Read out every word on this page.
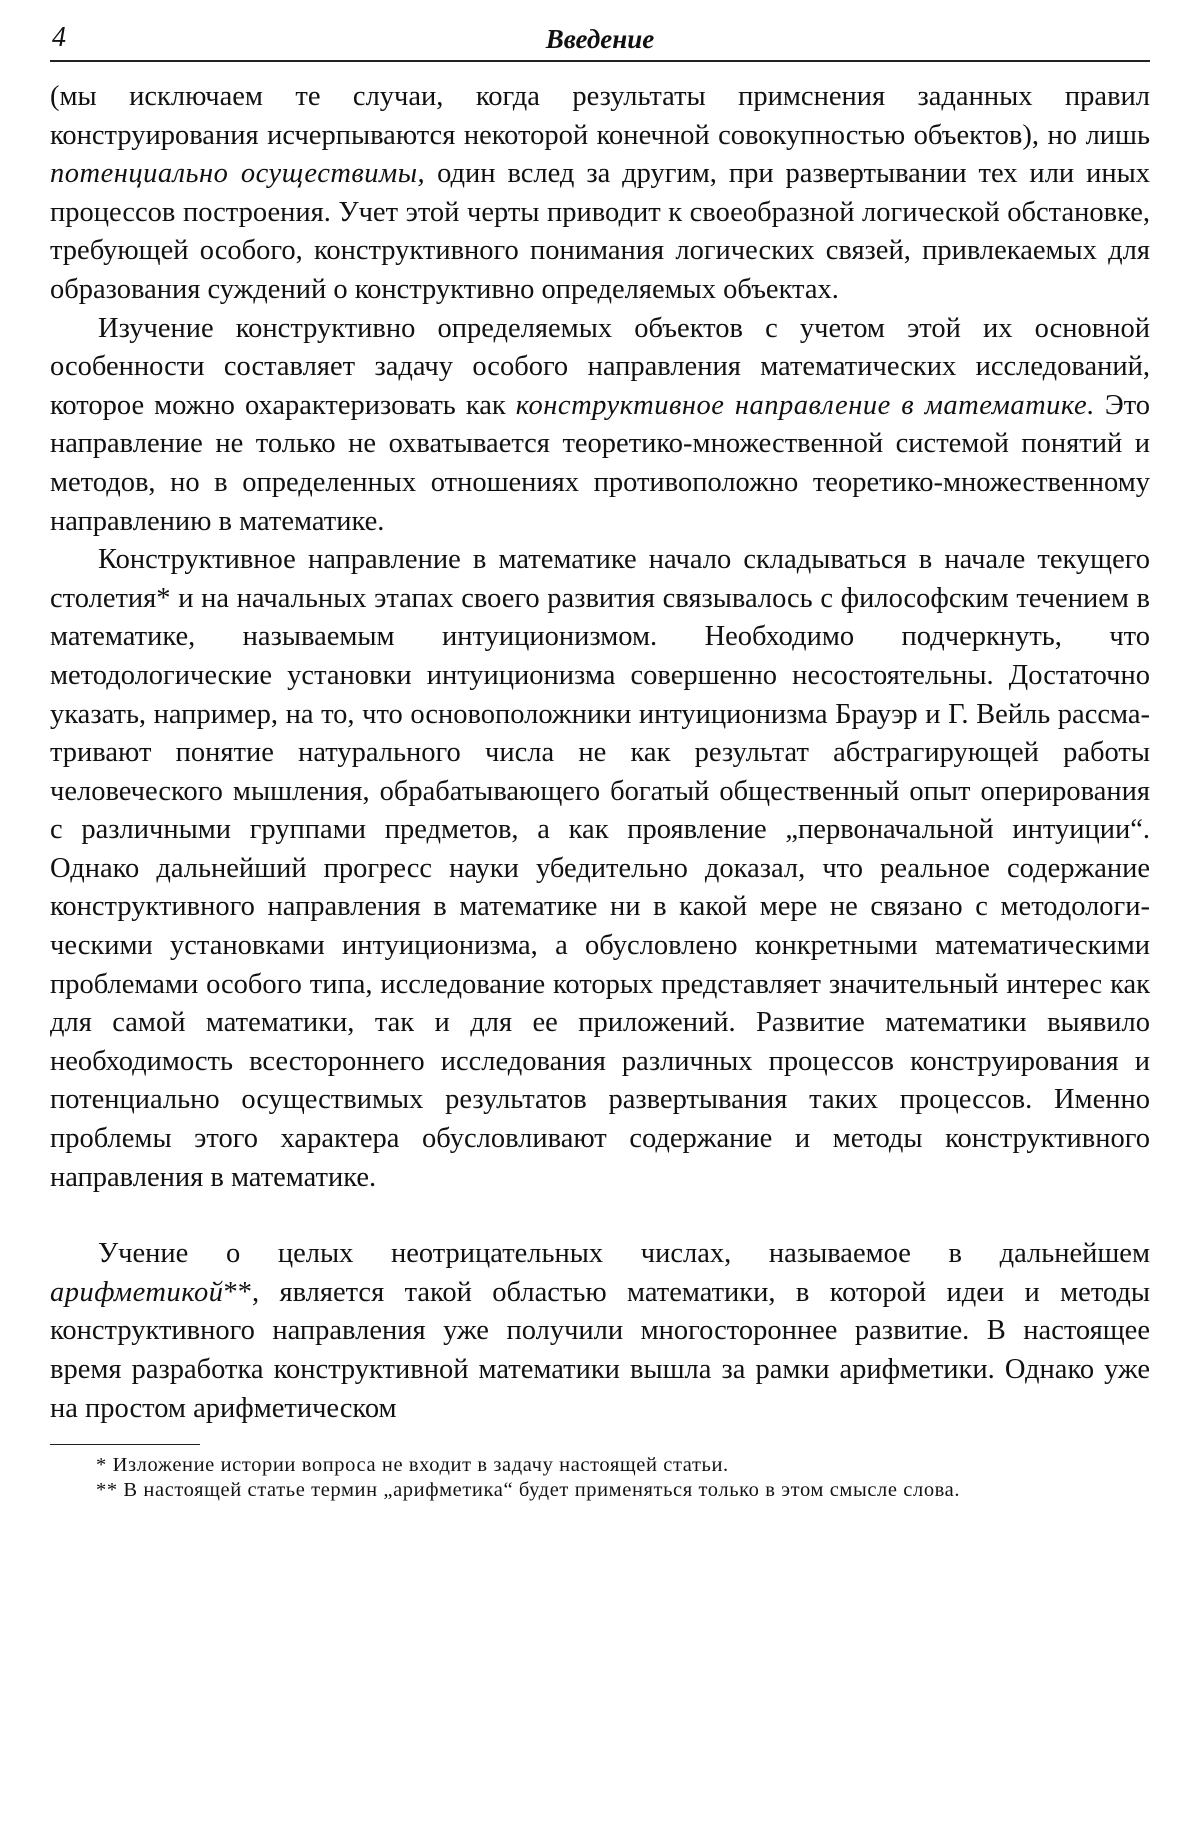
4	Введение

(мы исключаем те случаи, когда результаты примснения заданных правил конструирования исчерпываются некоторой конечной совокупностью объектов), но лишь потенциально осуществимы, один вслед за другим, при развертывании тех или иных процессов построения. Учет этой черты приводит к своеобразной логической обстановке, требующей особого, конструктивного понимания логических связей, привлекаемых для образования суждений о конструктивно определяемых объектах.

Изучение конструктивно определяемых объектов с учетом этой их основной особенности составляет задачу особого направления математических исследований, которое можно охарактеризовать как конструктивное направление в математике. Это направление не только не охватывается теоретико-множественной системой понятий и методов, но в определенных отношениях противоположно теоретико-множественному направлению в математике.

Конструктивное направление в математике начало складываться в начале текущего столетия* и на начальных этапах своего развития связывалось с философским течением в математике, называемым интуиционизмом. Необходимо подчеркнуть, что методологические установки интуиционизма совершенно несостоятельны. Достаточно указать, например, на то, что основоположники интуиционизма Брауэр и Г. Вейль рассматривают понятие натурального числа не как результат абстрагирующей работы человеческого мышления, обрабатывающего богатый общественный опыт оперирования с различными группами предметов, а как проявление „первоначальной интуиции“. Однако дальнейший прогресс науки убедительно доказал, что реальное содержание конструктивного направления в математике ни в какой мере не связано с методологическими установками интуиционизма, а обусловлено конкретными математическими проблемами особого типа, исследование которых представляет значительный интерес как для самой математики, так и для ее приложений. Развитие математики выявило необходимость всестороннего исследования различных процессов конструирования и потенциально осуществимых результатов развертывания таких процессов. Именно проблемы этого характера обусловливают содержание и методы конструктивного направления в математике.

Учение о целых неотрицательных числах, называемое в дальнейшем арифметикой**, является такой областью математики, в которой идеи и методы конструктивного направления уже получили многостороннее развитие. В настоящее время разработка конструктивной математики вышла за рамки арифметики. Однако уже на простом арифметическом

* Изложение истории вопроса не входит в задачу настоящей статьи.

** В настоящей статье термин „арифметика“ будет применяться только в этом смысле слова.
